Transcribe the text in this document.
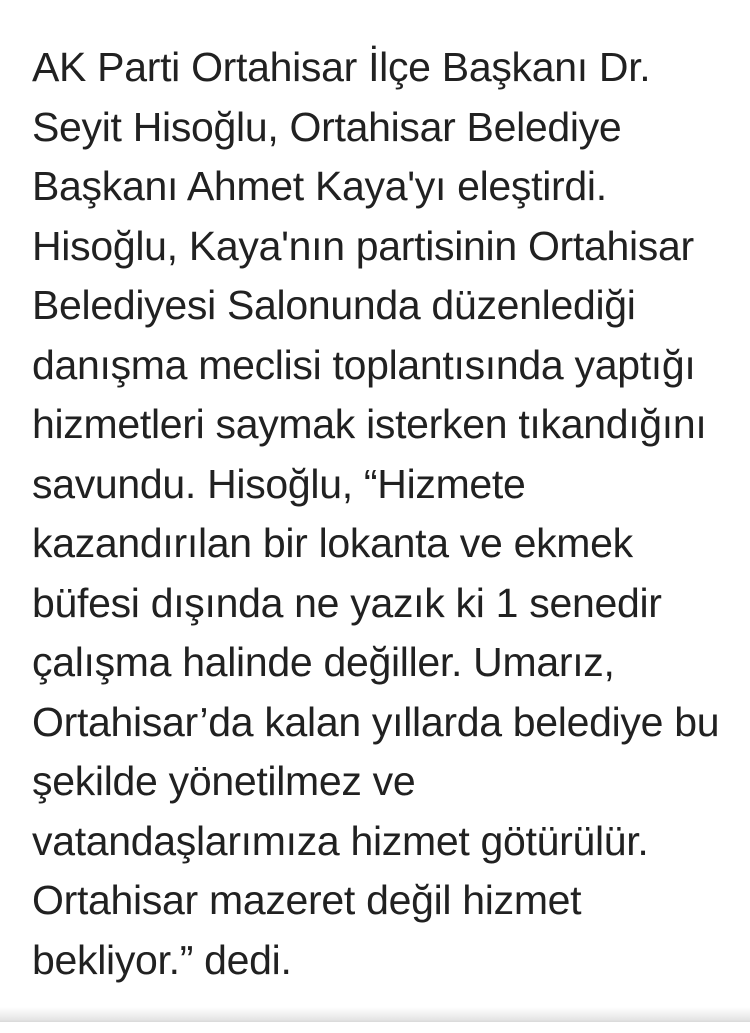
AK Parti Ortahisar İlçe Başkanı Dr.
Seyit Hisoğlu, Ortahisar Belediye
Başkanı Ahmet Kaya'yı eleştirdi.
Hisoğlu, Kaya'nın partisinin Ortahisar
Belediyesi Salonunda düzenlediği
danışma meclisi toplantısında yaptığı
hizmetleri saymak isterken tıkandığını
savundu. Hisoğlu, “Hizmete
kazandırılan bir lokanta ve ekmek
büfesi dışında ne yazık ki 1 senedir
çalışma halinde değiller. Umarız,
Ortahisar’da kalan yıllarda belediye bu
şekilde yönetilmez ve
vatandaşlarımıza hizmet götürülür.
Ortahisar mazeret değil hizmet
bekliyor.” dedi.
